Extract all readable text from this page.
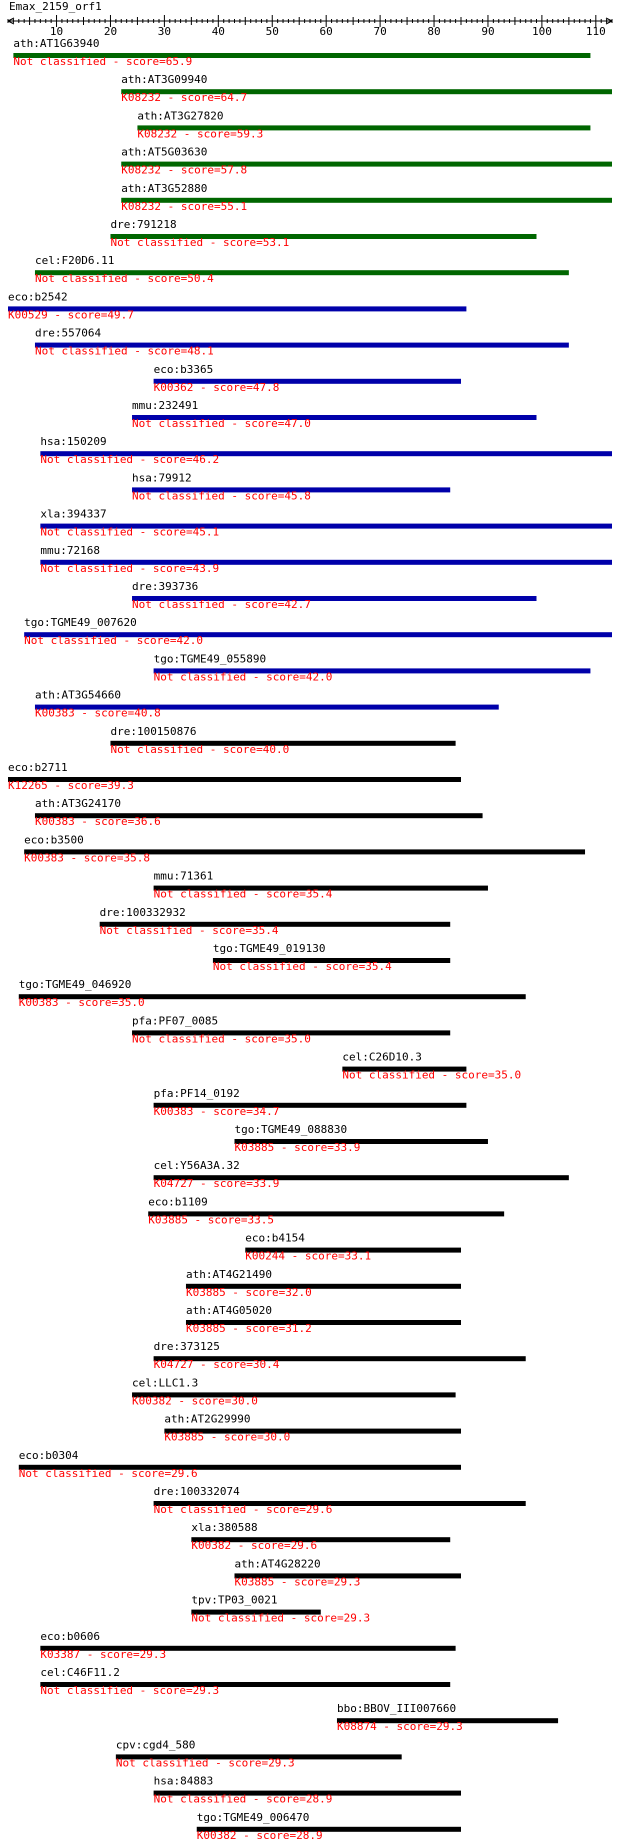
Emax_2159_orf1
10	20	30	40	50	60	70	80	90	100	110
ath:AT1G63940
Not classified - score=65.9
ath:AT3G09940
K08232 - score=64.7
ath:AT3G27820
K08232 - score=59.3
ath:AT5G03630
K08232 - score=57.8
ath:AT3G52880
K08232 - score=55.1
dre:791218
Not classified - score=53.1
cel:F20D6.11
Not classified - score=50.4
eco:b2542
K00529 - score=49.7
dre:557064
Not classified - score=48.1
eco:b3365
K00362 - score=47.8
mmu:232491
Not classified - score=47.0
hsa:150209
Not classified - score=46.2
hsa:79912
Not classified - score=45.8
xla:394337
Not classified - score=45.1
mmu:72168
Not classified - score=43.9
dre:393736
Not classified - score=42.7
tgo:TGME49_007620
Not classified - score=42.0
tgo:TGME49_055890
Not classified - score=42.0
ath:AT3G54660
K00383 - score=40.8
dre:100150876
Not classified - score=40.0
eco:b2711
K12265 - score=39.3
ath:AT3G24170
K00383 - score=36.6
eco:b3500
K00383 - score=35.8
mmu:71361
Not classified - score=35.4
dre:100332932
Not classified - score=35.4
tgo:TGME49_019130
Not classified - score=35.4
tgo:TGME49_046920
K00383 - score=35.0
pfa:PF07_0085
Not classified - score=35.0
cel:C26D10.3
Not classified - score=35.0
pfa:PF14_0192
K00383 - score=34.7
tgo:TGME49_088830
K03885 - score=33.9
cel:Y56A3A.32
K04727 - score=33.9
eco:b1109
K03885 - score=33.5
eco:b4154
K00244 - score=33.1
ath:AT4G21490
K03885 - score=32.0
ath:AT4G05020
K03885 - score=31.2
dre:373125
K04727 - score=30.4
cel:LLC1.3
K00382 - score=30.0
ath:AT2G29990
K03885 - score=30.0
eco:b0304
Not classified - score=29.6
dre:100332074
Not classified - score=29.6
xla:380588
K00382 - score=29.6
ath:AT4G28220
K03885 - score=29.3
tpv:TP03_0021
Not classified - score=29.3
eco:b0606
K03387 - score=29.3
cel:C46F11.2
Not classified - score=29.3
bbo:BBOV_III007660
K08874 - score=29.3
cpv:cgd4_580
Not classified - score=29.3
hsa:84883
Not classified - score=28.9
tgo:TGME49_006470
K00382 - score=28.9
